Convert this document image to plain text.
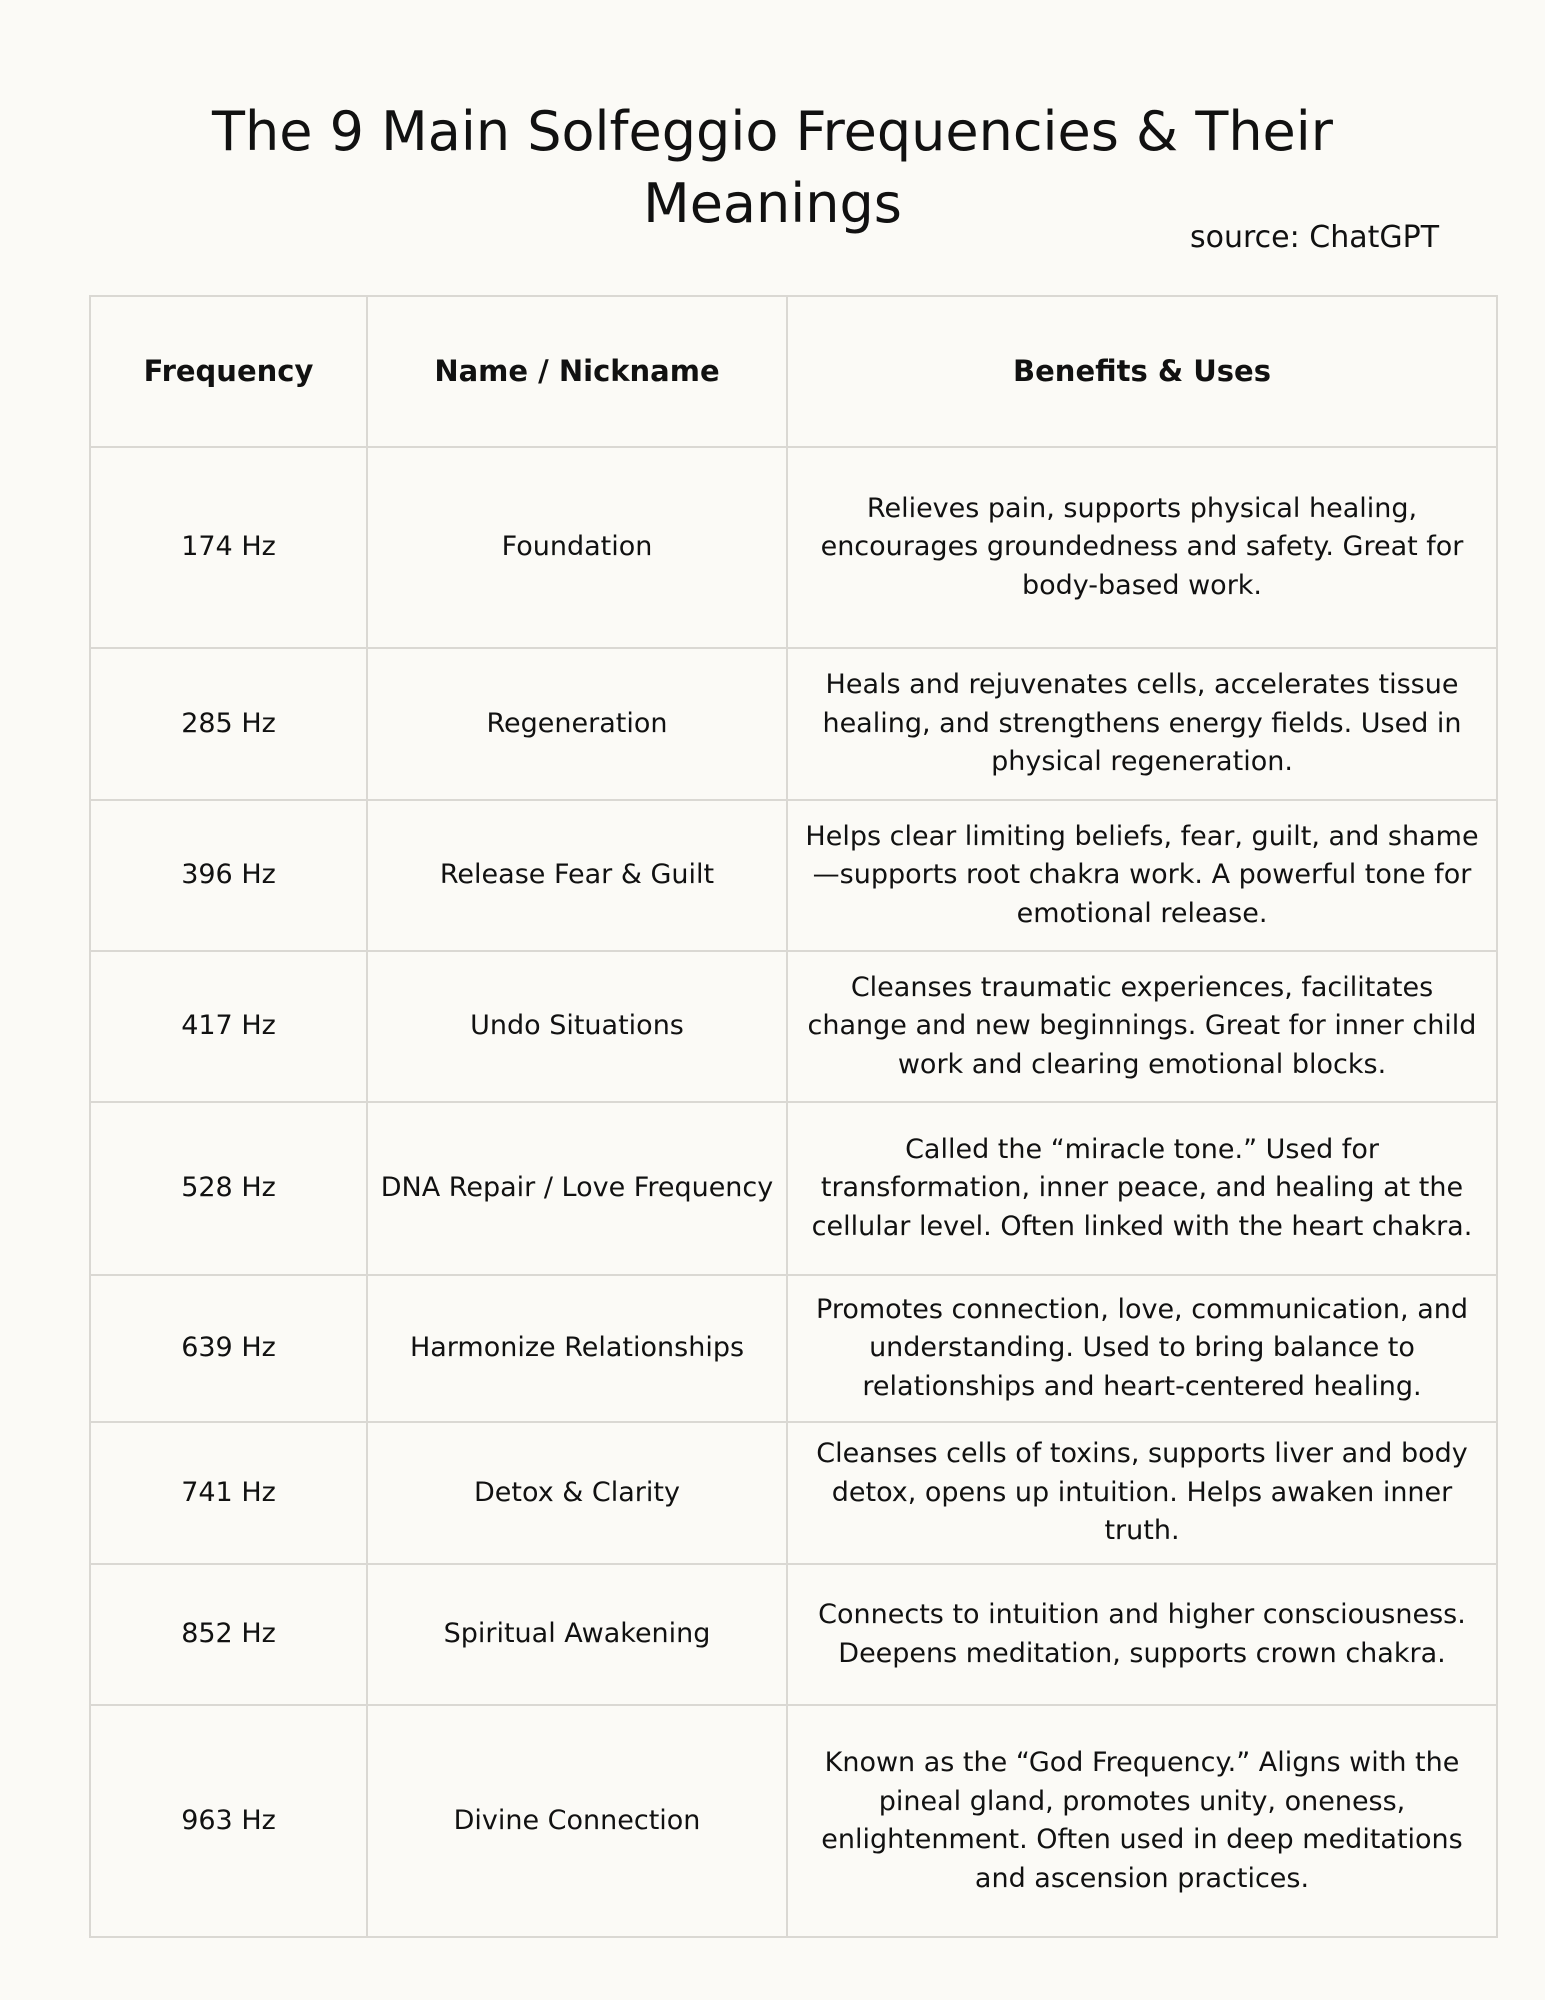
The 9 Main Solfeggio Frequencies & Their Meanings
source: ChatGPT
Frequency	Name / Nickname	Benefits & Uses
174 Hz	Foundation	Relieves pain, supports physical healing, encourages groundedness and safety. Great for body-based work.
285 Hz	Regeneration	Heals and rejuvenates cells, accelerates tissue healing, and strengthens energy fields. Used in physical regeneration.
396 Hz	Release Fear & Guilt	Helps clear limiting beliefs, fear, guilt, and shame—supports root chakra work. A powerful tone for emotional release.
417 Hz	Undo Situations	Cleanses traumatic experiences, facilitates change and new beginnings. Great for inner child work and clearing emotional blocks.
528 Hz	DNA Repair / Love Frequency	Called the “miracle tone.” Used for transformation, inner peace, and healing at the cellular level. Often linked with the heart chakra.
639 Hz	Harmonize Relationships	Promotes connection, love, communication, and understanding. Used to bring balance to relationships and heart-centered healing.
741 Hz	Detox & Clarity	Cleanses cells of toxins, supports liver and body detox, opens up intuition. Helps awaken inner truth.
852 Hz	Spiritual Awakening	Connects to intuition and higher consciousness. Deepens meditation, supports crown chakra.
963 Hz	Divine Connection	Known as the “God Frequency.” Aligns with the pineal gland, promotes unity, oneness, enlightenment. Often used in deep meditations and ascension practices.
